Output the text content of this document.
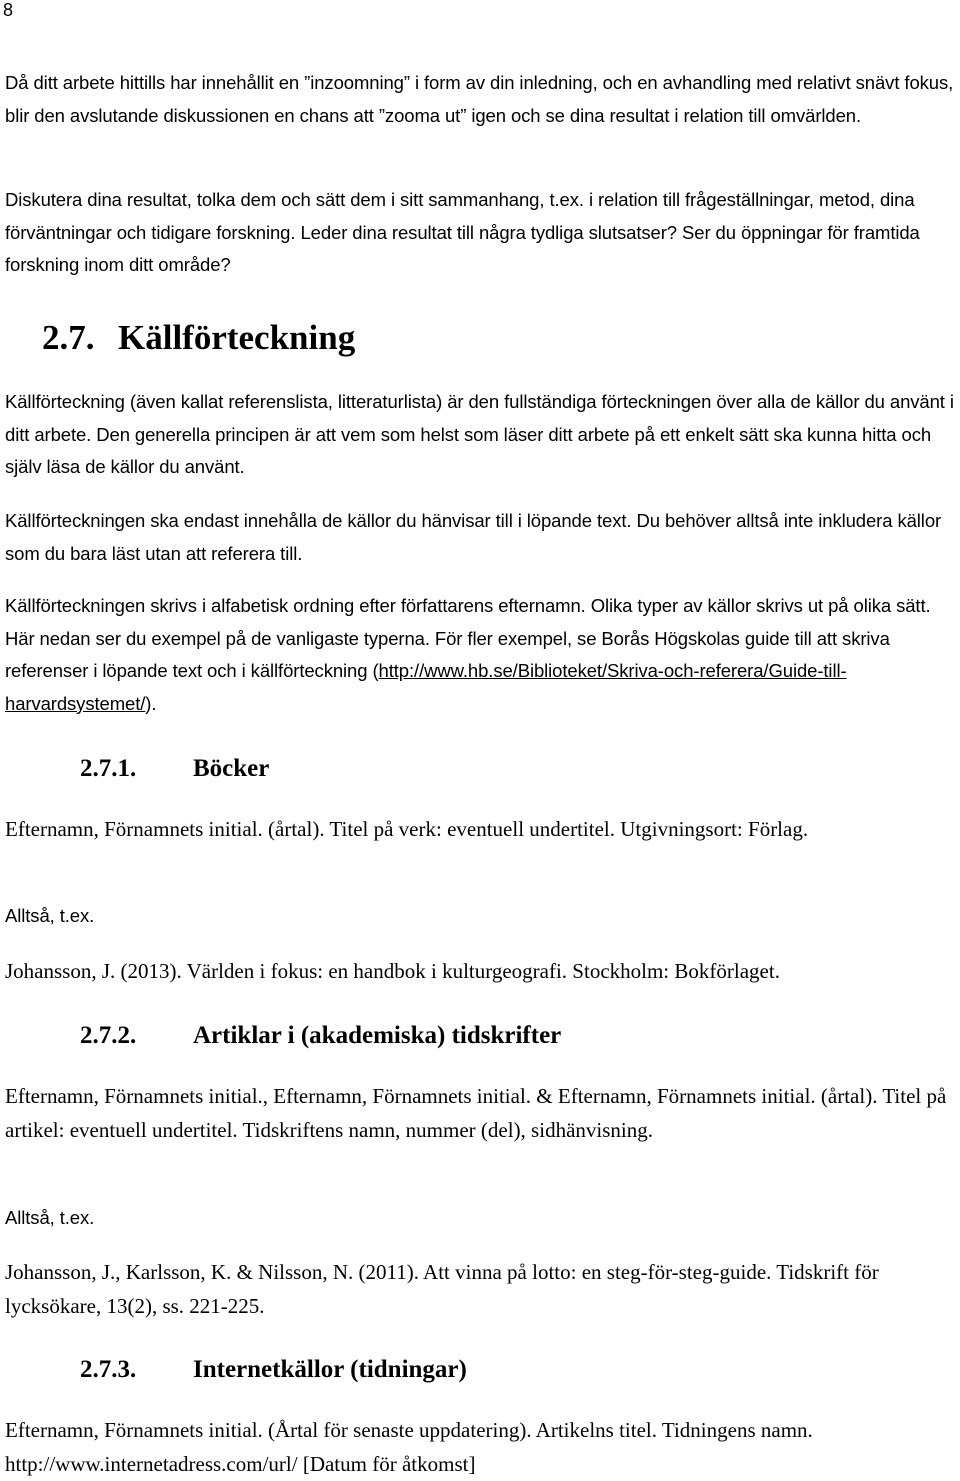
8

Då ditt arbete hittills har innehållit en ”inzoomning” i form av din inledning, och en avhandling med relativt snävt fokus, blir den avslutande diskussionen en chans att ”zooma ut” igen och se dina resultat i relation till omvärlden.

Diskutera dina resultat, tolka dem och sätt dem i sitt sammanhang, t.ex. i relation till frågeställningar, metod, dina förväntningar och tidigare forskning. Leder dina resultat till några tydliga slutsatser? Ser du öppningar för framtida forskning inom ditt område?

2.7. Källförteckning

Källförteckning (även kallat referenslista, litteraturlista) är den fullständiga förteckningen över alla de källor du använt i ditt arbete. Den generella principen är att vem som helst som läser ditt arbete på ett enkelt sätt ska kunna hitta och själv läsa de källor du använt.

Källförteckningen ska endast innehålla de källor du hänvisar till i löpande text. Du behöver alltså inte inkludera källor som du bara läst utan att referera till.

Källförteckningen skrivs i alfabetisk ordning efter författarens efternamn. Olika typer av källor skrivs ut på olika sätt. Här nedan ser du exempel på de vanligaste typerna. För fler exempel, se Borås Högskolas guide till att skriva referenser i löpande text och i källförteckning (http://www.hb.se/Biblioteket/Skriva-och-referera/Guide-till-harvardsystemet/).

2.7.1. Böcker

Efternamn, Förnamnets initial. (årtal). Titel på verk: eventuell undertitel. Utgivningsort: Förlag.

Alltså, t.ex.

Johansson, J. (2013). Världen i fokus: en handbok i kulturgeografi. Stockholm: Bokförlaget.

2.7.2. Artiklar i (akademiska) tidskrifter

Efternamn, Förnamnets initial., Efternamn, Förnamnets initial. & Efternamn, Förnamnets initial. (årtal). Titel på artikel: eventuell undertitel. Tidskriftens namn, nummer (del), sidhänvisning.

Alltså, t.ex.

Johansson, J., Karlsson, K. & Nilsson, N. (2011). Att vinna på lotto: en steg-för-steg-guide. Tidskrift för lycksökare, 13(2), ss. 221-225.

2.7.3. Internetkällor (tidningar)

Efternamn, Förnamnets initial. (Årtal för senaste uppdatering). Artikelns titel. Tidningens namn. http://www.internetadress.com/url/ [Datum för åtkomst]
